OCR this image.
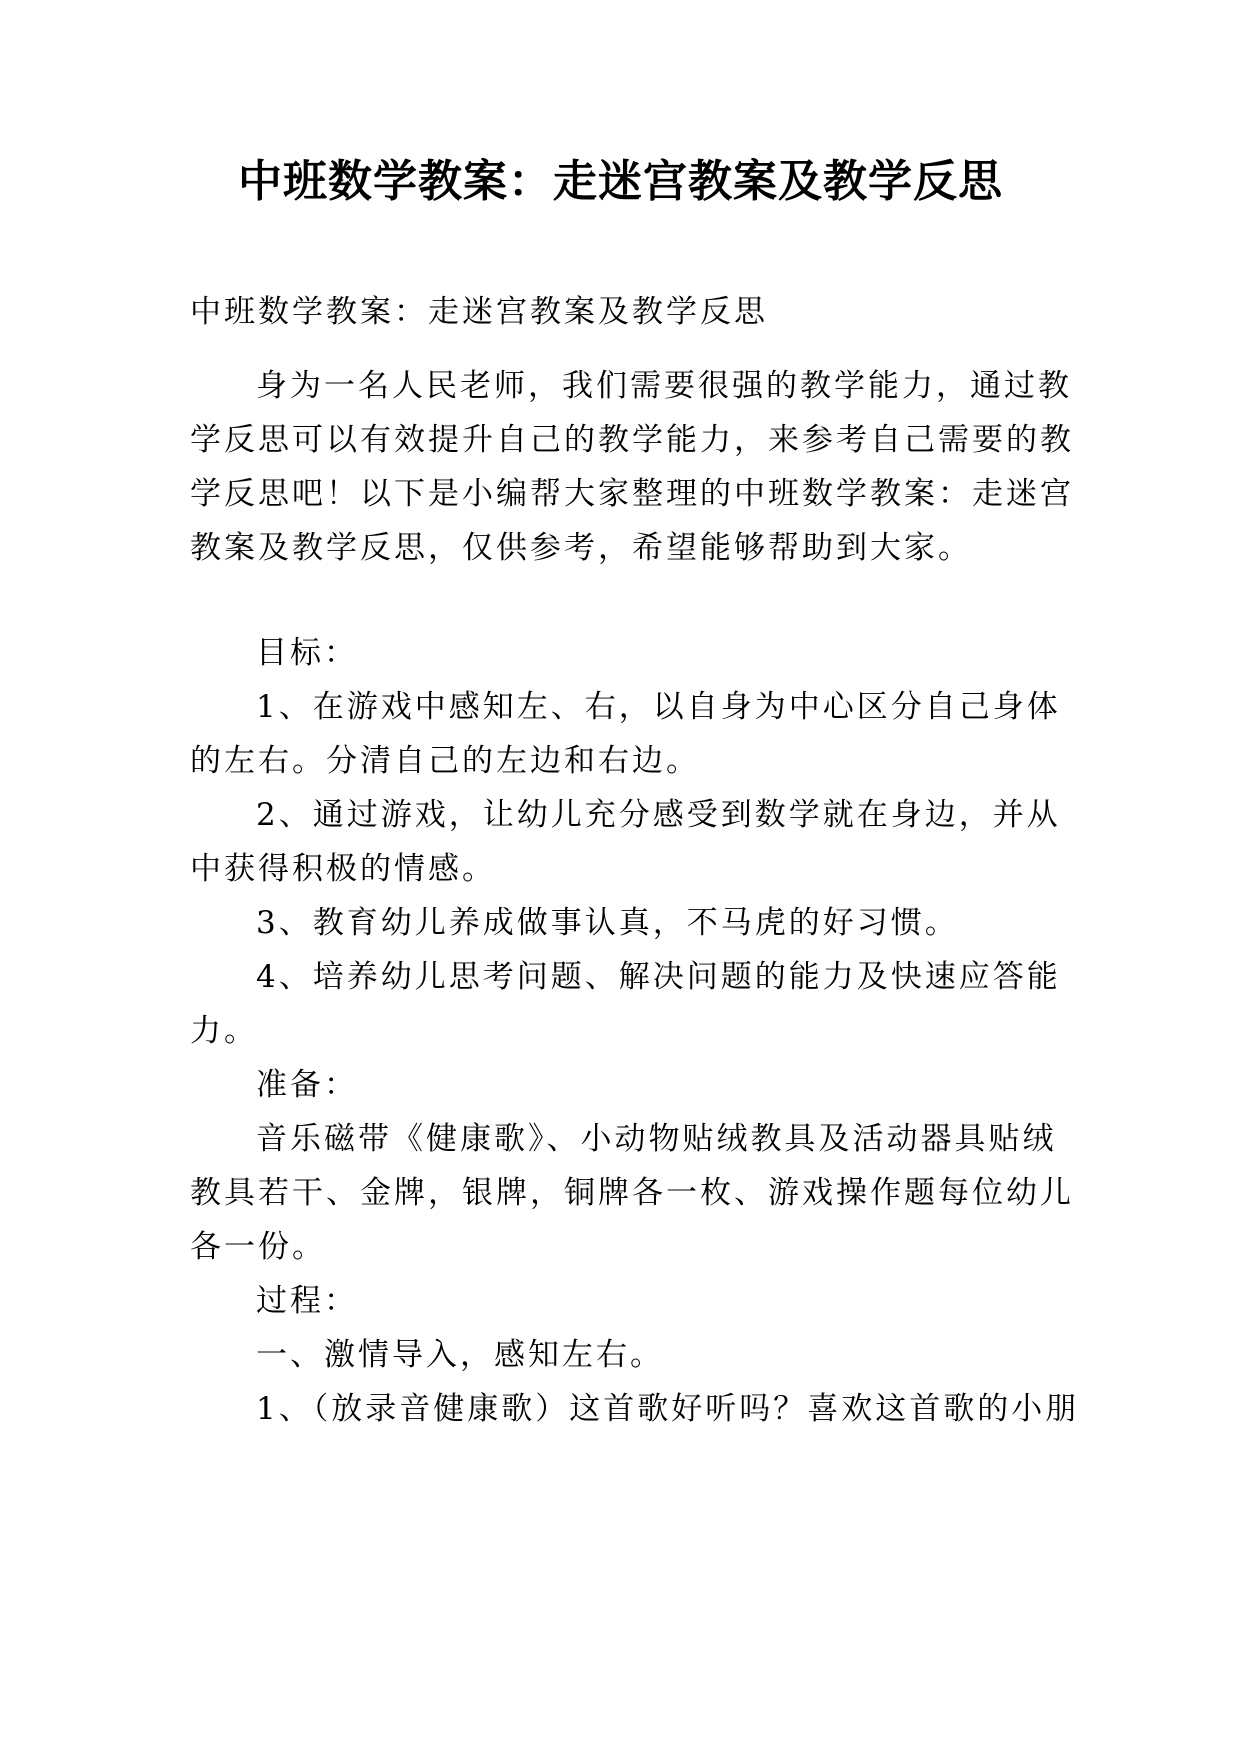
中班数学教案：走迷宫教案及教学反思

中班数学教案：走迷宫教案及教学反思

身为一名人民老师，我们需要很强的教学能力，通过教

学反思可以有效提升自己的教学能力，来参考自己需要的教

学反思吧！以下是小编帮大家整理的中班数学教案：走迷宫

教案及教学反思，仅供参考，希望能够帮助到大家。

目标：

1、在游戏中感知左、右，以自身为中心区分自己身体

的左右。分清自己的左边和右边。

2、通过游戏，让幼儿充分感受到数学就在身边，并从

中获得积极的情感。

3、教育幼儿养成做事认真，不马虎的好习惯。

4、培养幼儿思考问题、解决问题的能力及快速应答能

力。

准备：

音乐磁带《健康歌》、小动物贴绒教具及活动器具贴绒

教具若干、金牌，银牌，铜牌各一枚、游戏操作题每位幼儿

各一份。

过程：

一、激情导入，感知左右。

1、（放录音健康歌）这首歌好听吗？喜欢这首歌的小朋
